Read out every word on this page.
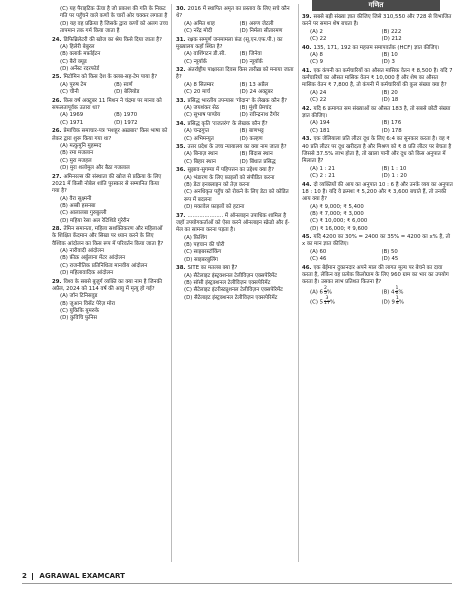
(C) यह पैराइटिक ऊँचा है जो प्रकाश की गति के निकट गति पर पहुँचने वाले कणों के चारों ओर चक्कर लगाता है
(D) यह वह प्रक्रिया है जिसके द्वारा कणों को अलग उच्च तापमान तक गर्म किया जाता है
24. डिफिब्रिलेटरी की खोज का श्रेय किसे दिया जाता है?
(A) हिलेरी बेबुरल
(B) क्लार्क मर्फ़ाईटन
(C) बैरो क्यूड
(D) अर्नेस्ट रदरफोर्ड
25. मिटोमिन को किस देश के क्लब-सह-टेम पाया है?
(A) पुरुष टेम	(B) स्वर्ण
(C) चीनी	(D) बेलियोड
26. किस वर्ष अक्टूबर 11 मिशन ने चंद्रमा पर मानव को सफलतापूर्वक उतारा था?
(A) 1969	(B) 1970
(C) 1971	(D) 1972
26. प्रेमाचिक समाचार-पत्र 'मशहूर अख़बार' किस भाषा को लेकर द्वारा शुरू किया गया था?
(A) मत्कुमुनि मुहम्मद
(B) रमा मजलान
(C) मुरा मजहल
(D) मुरा शलोमुल और बैठा गजलाल
27. अमिनरल्स की संस्थाता की खोज से प्रक्रिया के लिए 2021 में किसी नोबेल शांति पुरस्कार से सम्मानित किया गया है?
(A) वैरा सूक्ष्मनी
(B) अब्बी हसनबा
(C) आलालबा गुरुबुल्ली
(D) महिया रेसा अल रेटिशिडे गुरेरीन
28. तेमिन समानता, महिला सशक्तिकरण और महिलाओं के शिक्षित केंदमान और सिखा पर ध्यान करने के लिए वैश्विक आंदोलन का किस रूप में परिवर्तन किया जाता है?
(A) नारीवादी आंदोलन
(B) फ़ीक़ अर्बुलाना मेंटर आंदोलन
(C) राजनीतिक प्रतिनिधित्व मानवीय आंदोलन
(D) महिलावादिक आंदोलन
29. विश्व के सबसे बुजुर्ग व्यक्ति का क्या नाम है जिनकी अप्रैल, 2024 को 114 वर्ष की आयु में मृत्यु हो गई?
(A) जॉन टिनिसवुड
(B) जुआन विसेंट पेरेज़ मोरा
(C) युकिकि युमरुके
(D) कुविचि फुनिस
30. 2016 में स्थापित अमृत का प्रस्ताव के लिए सचे कौन थे?
(A) अमित शाह	(B) अरुण जेटली
(C) नरेंद्र मोदी	(D) निर्मला सीतारमण
31. रक्षक सम्पूर्ण जनमामला फ़ंड (सू.एन.एफ.पी.) का मुख्यालय कहाँ स्थित है?
(A) वाशिंगटन डी.सी.	(B) जिनेवा
(C) न्यूयॉर्क	(D) न्यूयॉर्क
32. अंतर्राष्ट्रीय पाक्षारता दिवस किस तारीख़ को मनाया जाता है?
(A) 8 सितम्बर	(B) 13 अप्रैल
(C) 20 मार्च	(D) 24 अक्टूबर
33. प्रसिद्ध भारतीय उपन्यास 'गोदान' के लेखक कौन हैं?
(A) जयशंकर सेठ	(B) मुंशी प्रेमचंद
(C) सुभाष पाण्डेय	(D) रवीन्द्रनाथ टैगोर
34. प्रसिद्ध कृति 'राजतरंग' के लेखक कौन हैं?
(A) चन्द्रगुप्त	(B) बाणभट्ट
(C) अभिमन्युत	(D) कल्हण
35. उत्तर प्रदेश के उच्च न्यायालय का क्या नाम जाता है?
(A) बिनाज़ स्थान	(B) बिंदास स्थान
(C) बिहार स्थान	(D) बिंधात प्रसिद्ध
36. सुझाव-सुगम्या में पहिपत्तन का उद्देश्य क्या है?
(A) भंडारण के लिए फ़ाइलों को संपीडित करना
(B) डेटा इनक्लाइन को तेज़ करना
(C) अनधिकृत पहुँच को रोकने के लिए डेटा को कोडित रूप में बदलना
(D) मकावेल फ़ाइलों को हटाना
37. ..................... में ऑनलाइन उपाधिक शामिल है जहाँ उपयोगकर्ताओं को ऐसा करने ऑनलाइन स्क्रेडो और ई-मेल का सामना करना पड़ता है।
(A) फ़िशिंग
(B) पहचान की चोरी
(C) साइबरस्टॉकिंग
(D) साइबरबुलिंग
38. SITE का मतलब क्या है?
(A) सैटेलाइट इंस्ट्रक्शनल टेलीविज़न एक्सपेरिमेंट
(B) सॉसी इंस्ट्रक्शनल टेलीविज़न एक्सपेरिमेंट
(C) सैटेलाइट इंटरीस्ट्यूशनल टेलीविज़न एक्सपेरिमेंट
(D) सैटेलाइट इंस्ट्रक्शनल टेलीविज़न एक्सपेरिमेंट
गणित
39. सबसे बड़ी संख्या ज्ञात कीजिए जिसे 310,550 और 728 से विभाजित करने पर समान शेष बचता है।
(A) 2	(B) 222
(C) 22	(D) 212
40. 135, 171, 192 का महत्तम समापवर्तक (HCF) ज्ञात कीजिए।
(A) 8	(B) 10
(C) 9	(D) 3
41. एक कंपनी का कर्मचारियों का औसत मासिक वेतन ₹ 8,500 है। यदि 7 कर्मचारियों का औसत मासिक वेतन ₹ 10,000 है और शेष का औसत मासिक वेतन ₹ 7,800 है, तो कंपनी में कर्मचारियों की कुल संख्या क्या है?
(A) 24	(B) 20
(C) 22	(D) 18
42. यदि 6 क्रमागत सम संख्याओं का औसत 183 है, तो सबसे छोटी संख्या ज्ञात कीजिए।
(A) 194	(B) 176
(C) 181	(D) 178
43. एक जेलियाला प्रति लीटर दूध के लिए 6:4 का सुनकार करता है। वह ₹ 40 प्रति लीटर पर दूध खरीदता है और मिश्रण को ₹ 8 प्रति लीटर पर बेचता है जिससे 37.5% लाभ होता है, तो खाला पानी और दूध को किस अनुपात में मिलाता है?
(A) 1 : 21	(B) 1 : 10
(C) 2 : 21	(D) 1 : 20
44. दो व्यक्तियों की आय का अनुपात 10 : 6 है और उनके व्यय का अनुपात 18 : 10 है। यदि वे क्रमशः ₹ 5,200 और ₹ 3,600 बचाते हैं, तो उनकी आय क्या है?
(A) ₹ 9,000; ₹ 5,400
(B) ₹ 7,000; ₹ 3,000
(C) ₹ 10,000; ₹ 6,000
(D) ₹ 16,000; ₹ 9,600
45. यदि 4200 का 30% = 2400 का 35% = 4200 का x% है, तो x का मान ज्ञात कीजिए।
(A) 60	(B) 50
(C) 46	(D) 45
46. एक बेईमान दुकानदार अपने माल की लागत मूल्य पर बेचने का दावा करता है, लेकिन वह प्रत्येक किलोग्राम के लिए 960 ग्राम का भार का उपयोग करता है। उसका लाभ प्रतिशत कितना है?
(A) $6 \frac{2}{5}$ %	(B) $4 \frac{1}{6}$ %
(C) $5 \frac{3}{17}$ %	(D) $9 \frac{1}{4}$ %
2 AGRAWAL EXAMCART
